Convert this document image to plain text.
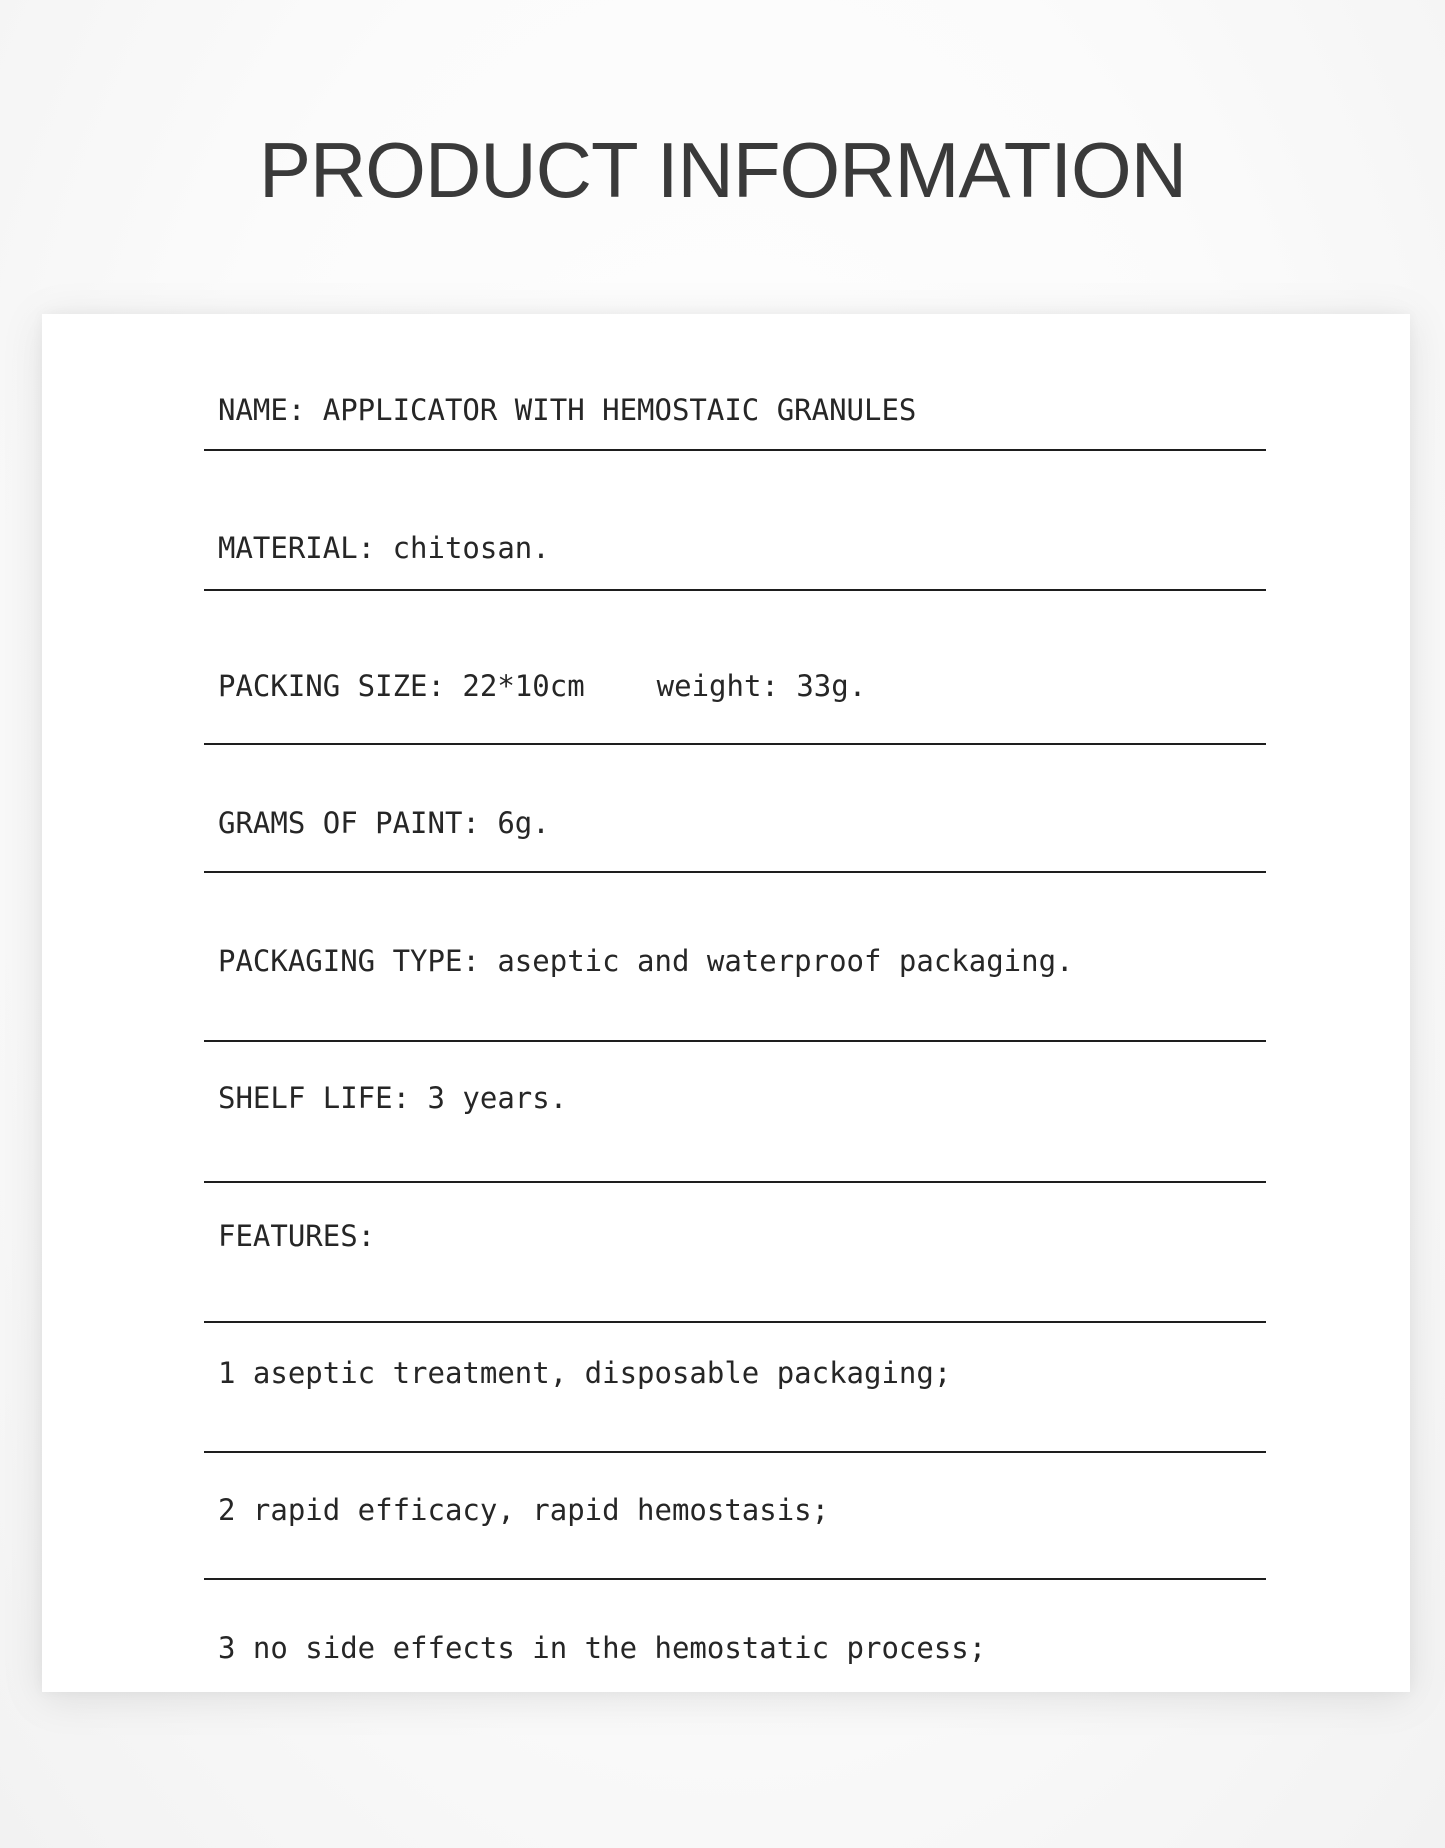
PRODUCT INFORMATION
NAME: APPLICATOR WITH HEMOSTAIC GRANULES
MATERIAL: chitosan.
PACKING SIZE: 22*10cm weight: 33g.
GRAMS OF PAINT: 6g.
PACKAGING TYPE: aseptic and waterproof packaging.
SHELF LIFE: 3 years.
FEATURES:
1 aseptic treatment, disposable packaging;
2 rapid efficacy, rapid hemostasis;
3 no side effects in the hemostatic process;
